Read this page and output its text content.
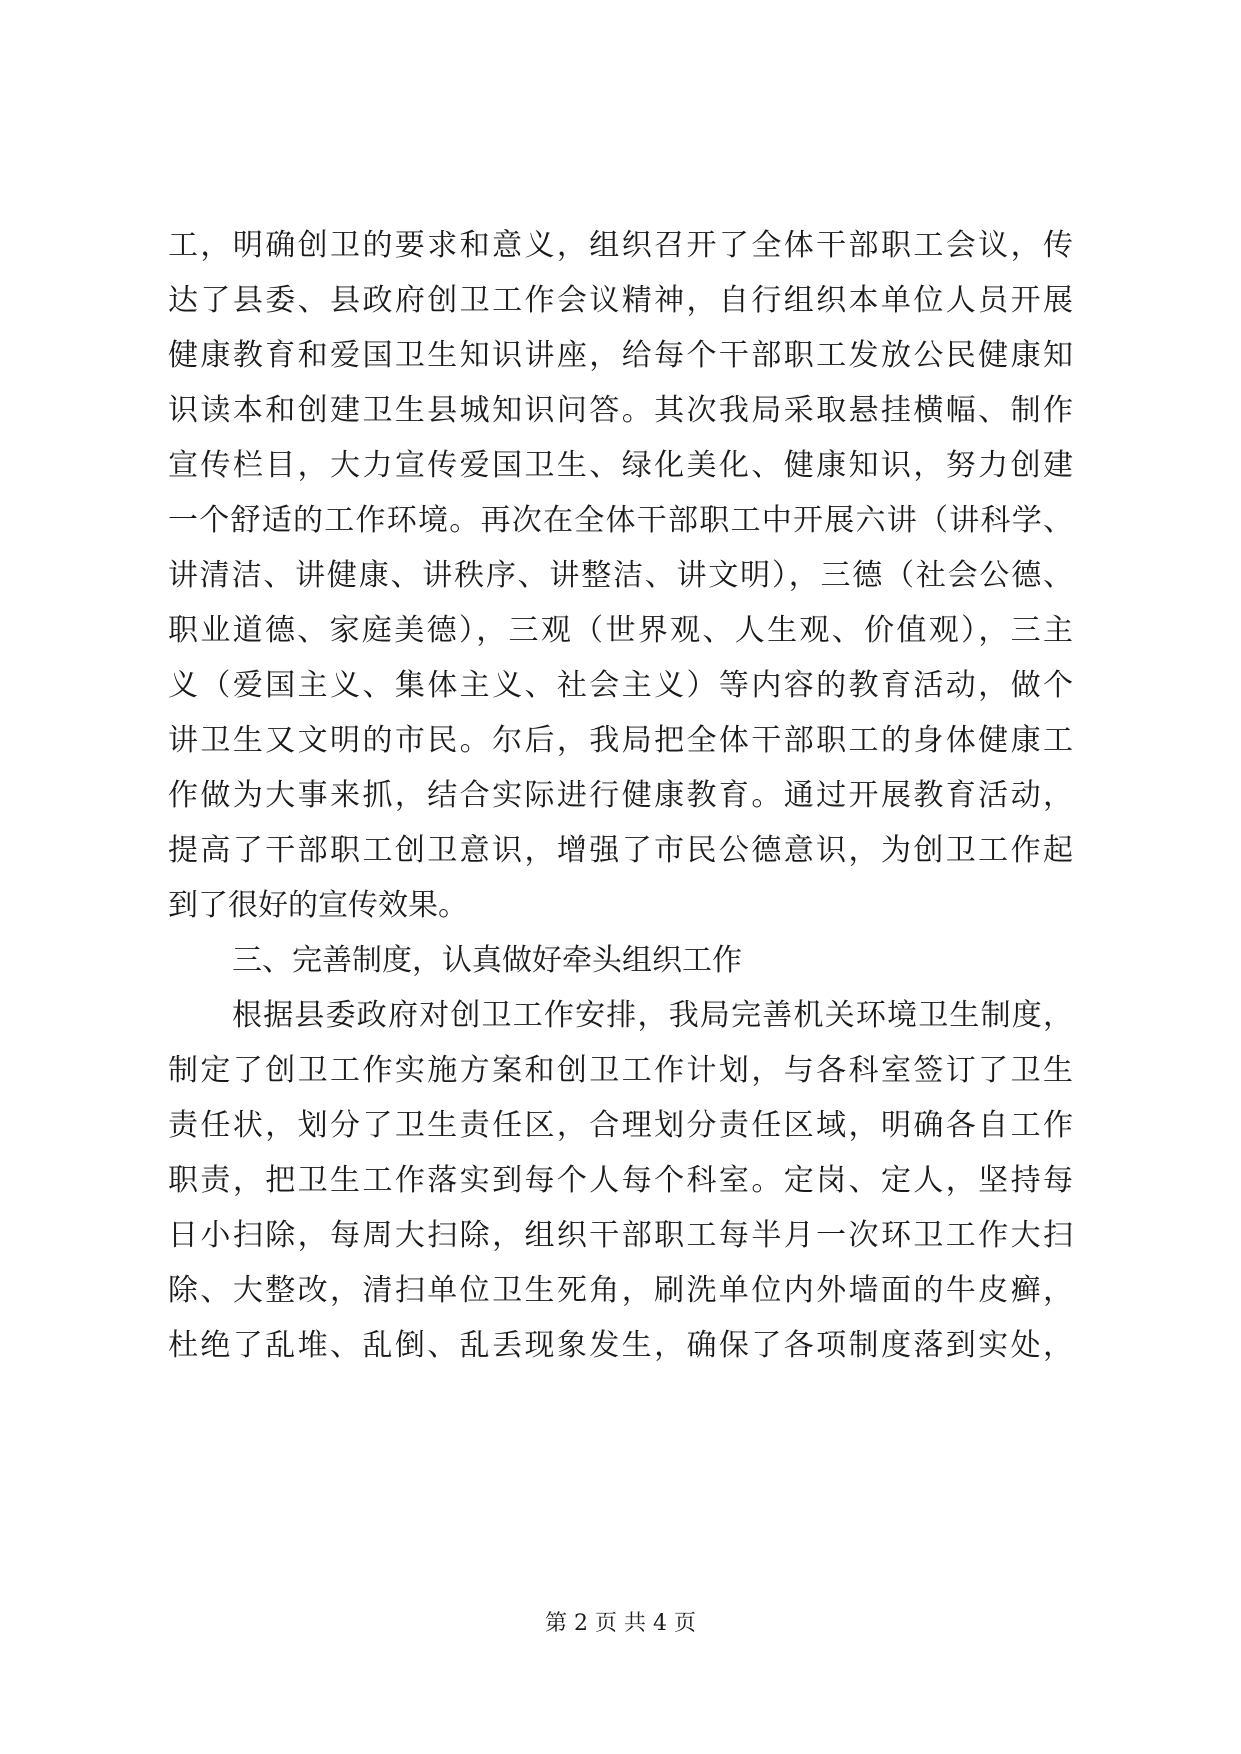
工，明确创卫的要求和意义，组织召开了全体干部职工会议，传
达了县委、县政府创卫工作会议精神，自行组织本单位人员开展
健康教育和爱国卫生知识讲座，给每个干部职工发放公民健康知
识读本和创建卫生县城知识问答。其次我局采取悬挂横幅、制作
宣传栏目，大力宣传爱国卫生、绿化美化、健康知识，努力创建
一个舒适的工作环境。再次在全体干部职工中开展六讲（讲科学、
讲清洁、讲健康、讲秩序、讲整洁、讲文明），三德（社会公德、
职业道德、家庭美德），三观（世界观、人生观、价值观），三主
义（爱国主义、集体主义、社会主义）等内容的教育活动，做个
讲卫生又文明的市民。尔后，我局把全体干部职工的身体健康工
作做为大事来抓，结合实际进行健康教育。通过开展教育活动，
提高了干部职工创卫意识，增强了市民公德意识，为创卫工作起
到了很好的宣传效果。
三、完善制度，认真做好牵头组织工作
根据县委政府对创卫工作安排，我局完善机关环境卫生制度，
制定了创卫工作实施方案和创卫工作计划，与各科室签订了卫生
责任状，划分了卫生责任区，合理划分责任区域，明确各自工作
职责，把卫生工作落实到每个人每个科室。定岗、定人，坚持每
日小扫除，每周大扫除，组织干部职工每半月一次环卫工作大扫
除、大整改，清扫单位卫生死角，刷洗单位内外墙面的牛皮癣，
杜绝了乱堆、乱倒、乱丢现象发生，确保了各项制度落到实处，
第 2 页 共 4 页
